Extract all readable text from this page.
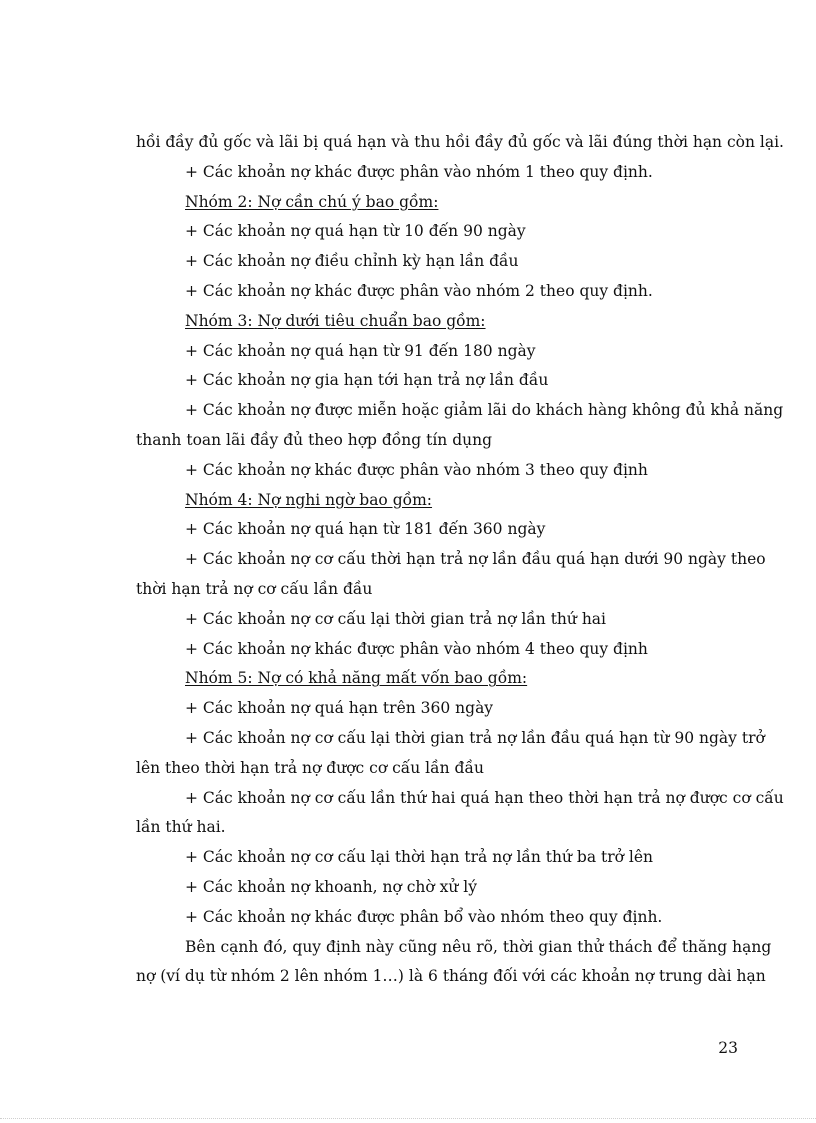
hồi đầy đủ gốc và lãi bị quá hạn và thu hồi đầy đủ gốc và lãi đúng thời hạn còn lại.
+ Các khoản nợ khác được phân vào nhóm 1 theo quy định.
Nhóm 2: Nợ cần chú ý bao gồm:
+ Các khoản nợ quá hạn từ 10 đến 90 ngày
+ Các khoản nợ điều chỉnh kỳ hạn lần đầu
+ Các khoản nợ khác được phân vào nhóm 2 theo quy định.
Nhóm 3: Nợ dưới tiêu chuẩn bao gồm:
+ Các khoản nợ quá hạn từ 91 đến 180 ngày
+ Các khoản nợ gia hạn tới hạn trả nợ lần đầu
+ Các khoản nợ được miễn hoặc giảm lãi do khách hàng không đủ khả năng
thanh toan lãi đầy đủ theo hợp đồng tín dụng
+ Các khoản nợ khác được phân vào nhóm 3 theo quy định
Nhóm 4: Nợ nghi ngờ bao gồm:
+ Các khoản nợ quá hạn từ 181 đến 360 ngày
+ Các khoản nợ cơ cấu thời hạn trả nợ lần đầu quá hạn dưới 90 ngày theo
thời hạn trả nợ cơ cấu lần đầu
+ Các khoản nợ cơ cấu lại thời gian trả nợ lần thứ hai
+ Các khoản nợ khác được phân vào nhóm 4 theo quy định
Nhóm 5: Nợ có khả năng mất vốn bao gồm:
+ Các khoản nợ quá hạn trên 360 ngày
+ Các khoản nợ cơ cấu lại thời gian trả nợ lần đầu quá hạn từ 90 ngày trở
lên theo thời hạn trả nợ được cơ cấu lần đầu
+ Các khoản nợ cơ cấu lần thứ hai quá hạn theo thời hạn trả nợ được cơ cấu
lần thứ hai.
+ Các khoản nợ cơ cấu lại thời hạn trả nợ lần thứ ba trở lên
+ Các khoản nợ khoanh, nợ chờ xử lý
+ Các khoản nợ khác được phân bổ vào nhóm theo quy định.
Bên cạnh đó, quy định này cũng nêu rõ, thời gian thử thách để thăng hạng
nợ (ví dụ từ nhóm 2 lên nhóm 1…) là 6 tháng đối với các khoản nợ trung dài hạn
23
